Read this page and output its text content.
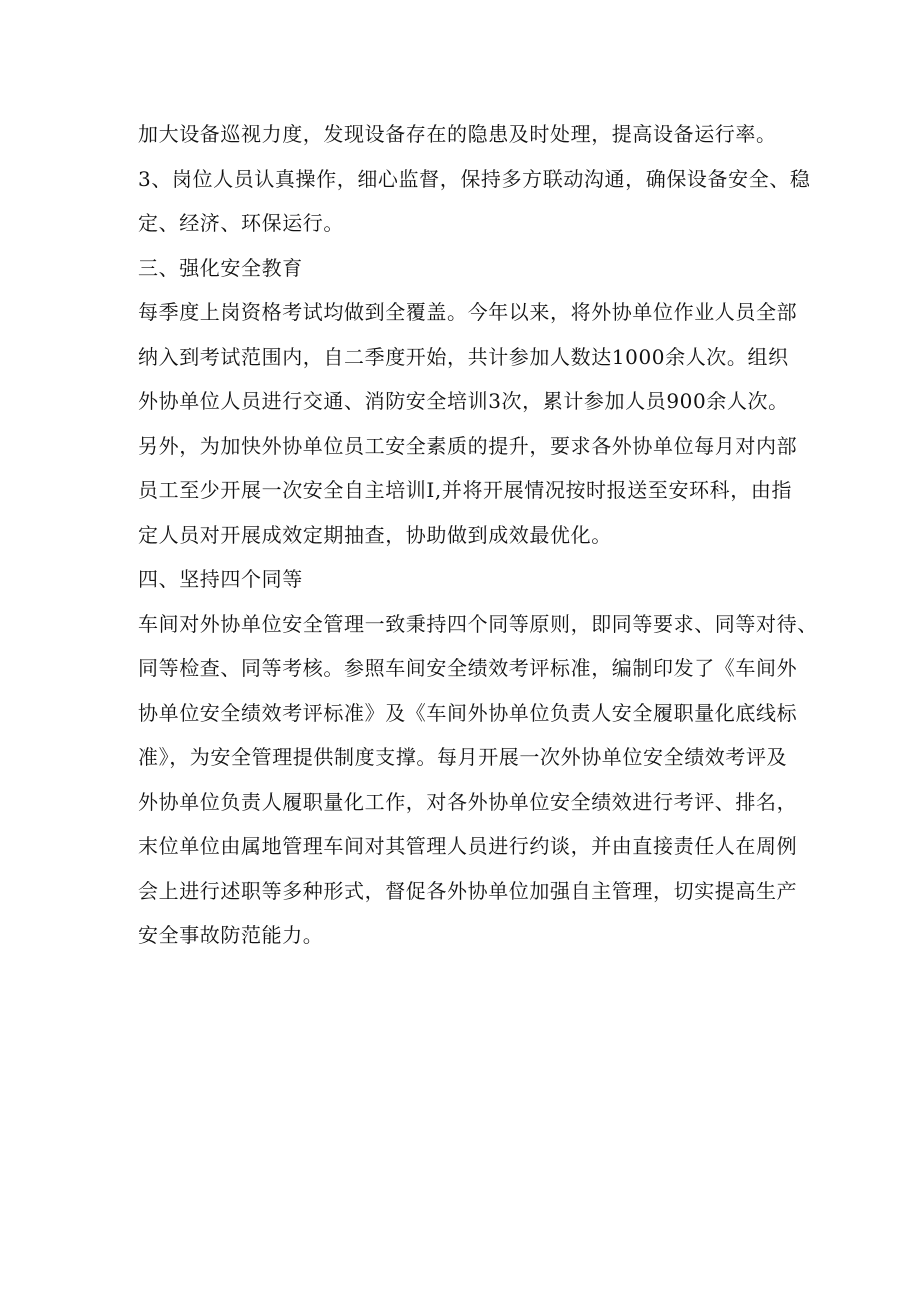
加大设备巡视力度，发现设备存在的隐患及时处理，提高设备运行率。
3、岗位人员认真操作，细心监督，保持多方联动沟通，确保设备安全、稳
定、经济、环保运行。
三、强化安全教育
每季度上岗资格考试均做到全覆盖。今年以来，将外协单位作业人员全部
纳入到考试范围内，自二季度开始，共计参加人数达1000余人次。组织
外协单位人员进行交通、消防安全培训3次，累计参加人员900余人次。
另外，为加快外协单位员工安全素质的提升，要求各外协单位每月对内部
员工至少开展一次安全自主培训I,并将开展情况按时报送至安环科，由指
定人员对开展成效定期抽查，协助做到成效最优化。
四、坚持四个同等
车间对外协单位安全管理一致秉持四个同等原则，即同等要求、同等对待、
同等检查、同等考核。参照车间安全绩效考评标准，编制印发了《车间外
协单位安全绩效考评标准》及《车间外协单位负责人安全履职量化底线标
准》，为安全管理提供制度支撑。每月开展一次外协单位安全绩效考评及
外协单位负责人履职量化工作，对各外协单位安全绩效进行考评、排名，
末位单位由属地管理车间对其管理人员进行约谈，并由直接责任人在周例
会上进行述职等多种形式，督促各外协单位加强自主管理，切实提高生产
安全事故防范能力。
